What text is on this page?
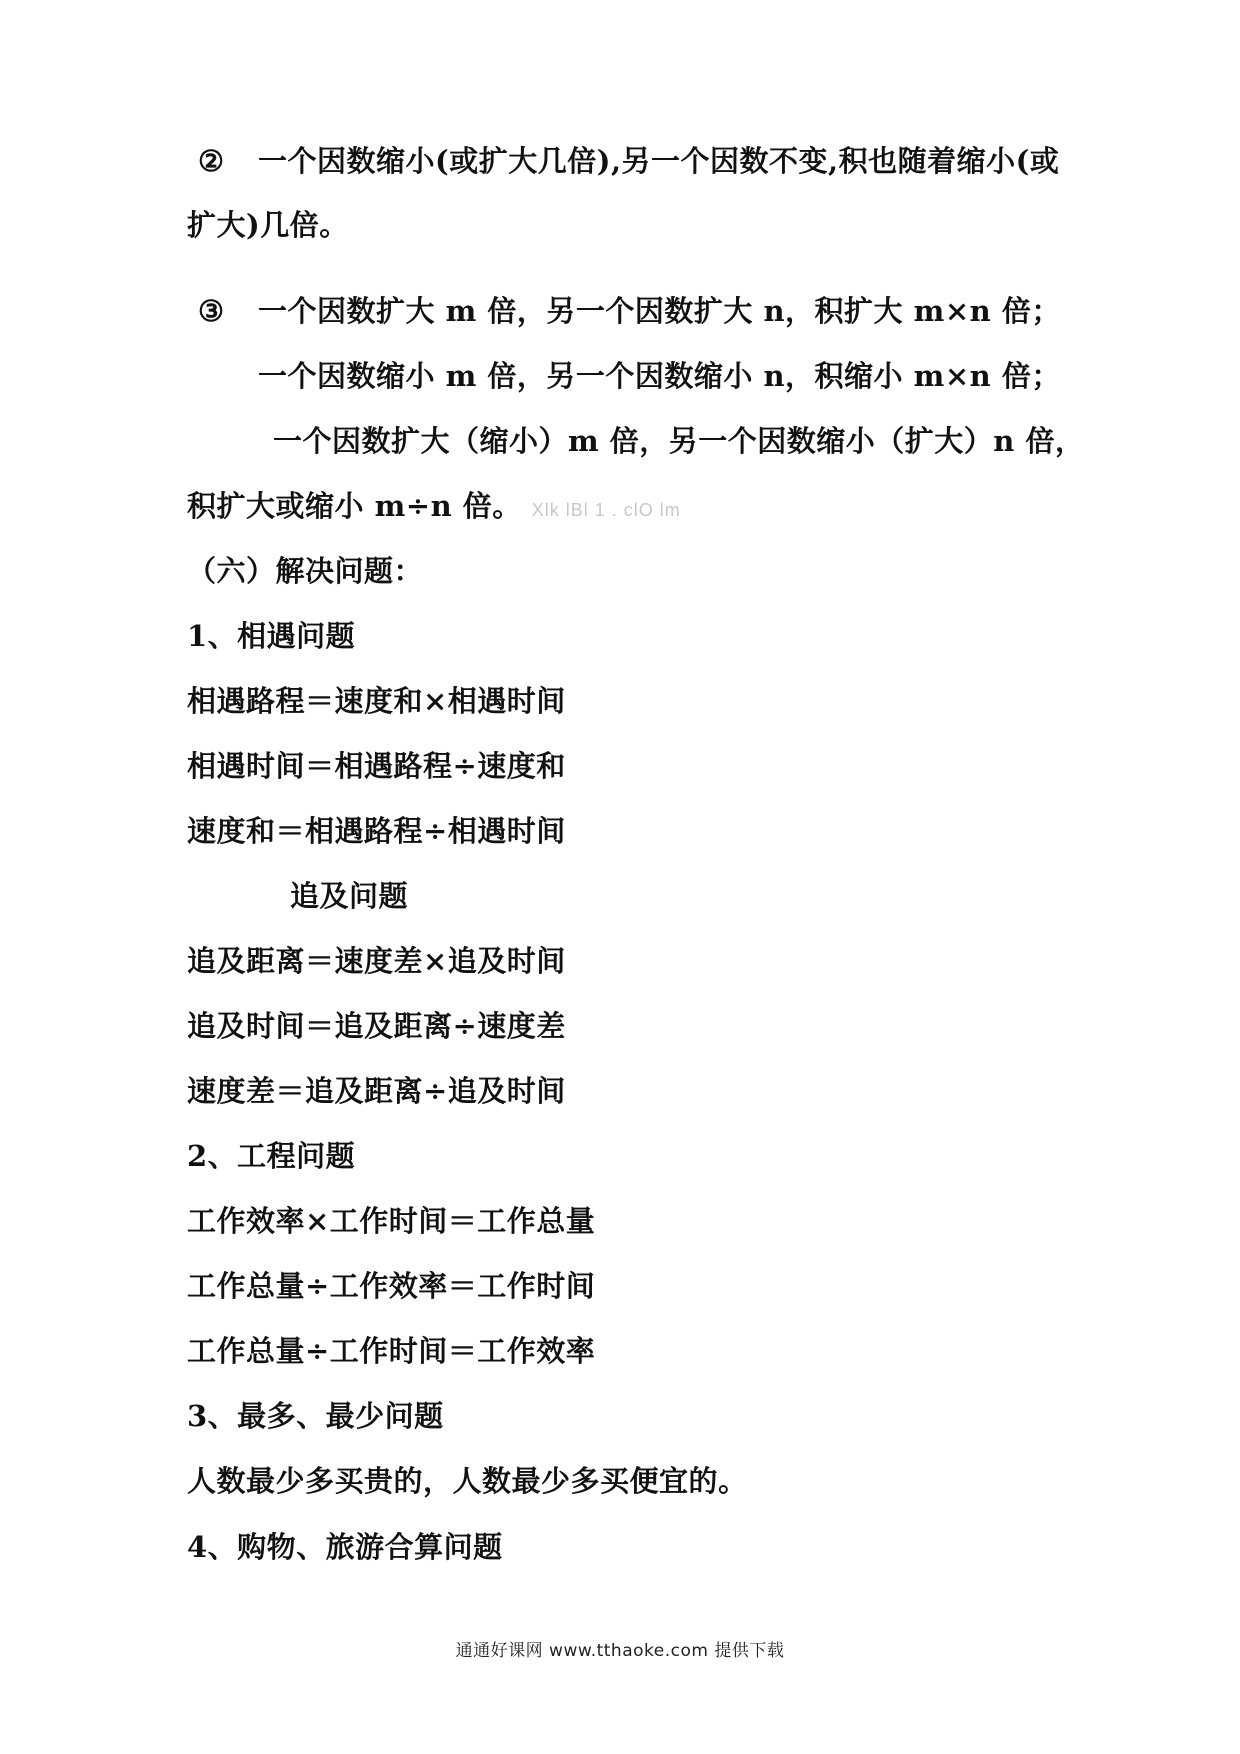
② 一个因数缩小(或扩大几倍),另一个因数不变,积也随着缩小(或
扩大)几倍。
③ 一个因数扩大 m 倍，另一个因数扩大 n，积扩大 m×n 倍；
一个因数缩小 m 倍，另一个因数缩小 n，积缩小 m×n 倍；
一个因数扩大（缩小）m 倍，另一个因数缩小（扩大）n 倍，
积扩大或缩小 m÷n 倍。 Xlk lBl 1 . clO lm
（六）解决问题：
1、相遇问题
相遇路程＝速度和×相遇时间
相遇时间＝相遇路程÷速度和
速度和＝相遇路程÷相遇时间
追及问题
追及距离＝速度差×追及时间
追及时间＝追及距离÷速度差
速度差＝追及距离÷追及时间
2、工程问题
工作效率×工作时间＝工作总量
工作总量÷工作效率＝工作时间
工作总量÷工作时间＝工作效率
3、最多、最少问题
人数最少多买贵的，人数最少多买便宜的。
4、购物、旅游合算问题
通通好课网 www.tthaoke.com 提供下载
